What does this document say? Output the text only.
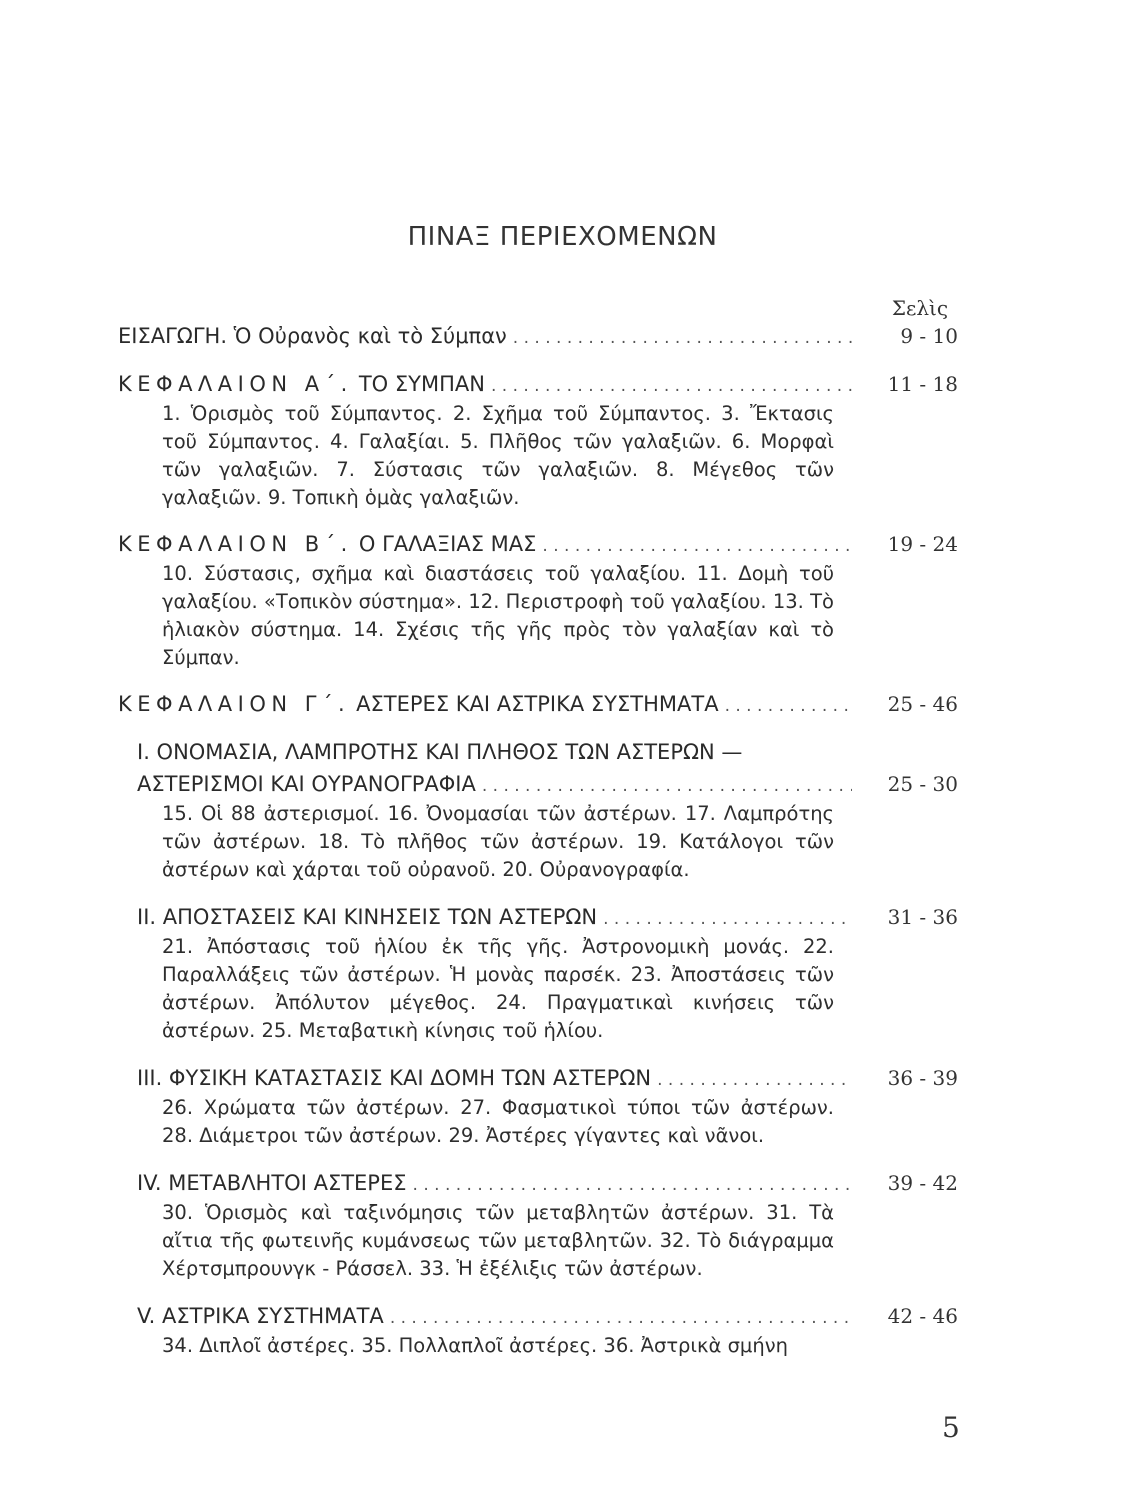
ΠΙΝΑΞ ΠΕΡΙΕΧΟΜΕΝΩΝ
Σελὶς
ΕΙΣΑΓΩΓΗ. Ὁ Οὐρανὸς καὶ τὸ Σύμπαν . . .	9 - 10
ΚΕΦΑΛΑΙΟΝ Α΄. ΤΟ ΣΥΜΠΑΝ . . .	11 - 18
1. Ὁρισμὸς τοῦ Σύμπαντος. 2. Σχῆμα τοῦ Σύμπαντος. 3. Ἔκτασις τοῦ Σύμπαντος. 4. Γαλαξίαι. 5. Πλῆθος τῶν γαλαξιῶν. 6. Μορφαὶ τῶν γαλαξιῶν. 7. Σύστασις τῶν γαλαξιῶν. 8. Μέγεθος τῶν γαλαξιῶν. 9. Τοπικὴ ὁμὰς γαλαξιῶν.
ΚΕΦΑΛΑΙΟΝ Β΄. Ο ΓΑΛΑΞΙΑΣ ΜΑΣ . . .	19 - 24
10. Σύστασις, σχῆμα καὶ διαστάσεις τοῦ γαλαξίου. 11. Δομὴ τοῦ γαλαξίου. «Τοπικὸν σύστημα». 12. Περιστροφὴ τοῦ γαλαξίου. 13. Τὸ ἡλιακὸν σύστημα. 14. Σχέσις τῆς γῆς πρὸς τὸν γαλαξίαν καὶ τὸ Σύμπαν.
ΚΕΦΑΛΑΙΟΝ Γ΄. ΑΣΤΕΡΕΣ ΚΑΙ ΑΣΤΡΙΚΑ ΣΥΣΤΗΜΑΤΑ . . .	25 - 46
Ι. ΟΝΟΜΑΣΙΑ, ΛΑΜΠΡΟΤΗΣ ΚΑΙ ΠΛΗΘΟΣ ΤΩΝ ΑΣΤΕΡΩΝ —
ΑΣΤΕΡΙΣΜΟΙ ΚΑΙ ΟΥΡΑΝΟΓΡΑΦΙΑ . . .	25 - 30
15. Οἱ 88 ἀστερισμοί. 16. Ὀνομασίαι τῶν ἀστέρων. 17. Λαμπρότης τῶν ἀστέρων. 18. Τὸ πλῆθος τῶν ἀστέρων. 19. Κατάλογοι τῶν ἀστέρων καὶ χάρται τοῦ οὐρανοῦ. 20. Οὐρανογραφία.
ΙΙ. ΑΠΟΣΤΑΣΕΙΣ ΚΑΙ ΚΙΝΗΣΕΙΣ ΤΩΝ ΑΣΤΕΡΩΝ . . .	31 - 36
21. Ἀπόστασις τοῦ ἡλίου ἐκ τῆς γῆς. Ἀστρονομικὴ μονάς. 22. Παραλλάξεις τῶν ἀστέρων. Ἡ μονὰς παρσέκ. 23. Ἀποστάσεις τῶν ἀστέρων. Ἀπόλυτον μέγεθος. 24. Πραγματικαὶ κινήσεις τῶν ἀστέρων. 25. Μεταβατικὴ κίνησις τοῦ ἡλίου.
ΙΙΙ. ΦΥΣΙΚΗ ΚΑΤΑΣΤΑΣΙΣ ΚΑΙ ΔΟΜΗ ΤΩΝ ΑΣΤΕΡΩΝ . . .	36 - 39
26. Χρώματα τῶν ἀστέρων. 27. Φασματικοὶ τύποι τῶν ἀστέρων. 28. Διάμετροι τῶν ἀστέρων. 29. Ἀστέρες γίγαντες καὶ νᾶνοι.
IV. ΜΕΤΑΒΛΗΤΟΙ ΑΣΤΕΡΕΣ . . .	39 - 42
30. Ὁρισμὸς καὶ ταξινόμησις τῶν μεταβλητῶν ἀστέρων. 31. Τὰ αἴτια τῆς φωτεινῆς κυμάνσεως τῶν μεταβλητῶν. 32. Τὸ διάγραμμα Χέρτσμπρουνγκ - Ράσσελ. 33. Ἡ ἐξέλιξις τῶν ἀστέρων.
V. ΑΣΤΡΙΚΑ ΣΥΣΤΗΜΑΤΑ . . .	42 - 46
34. Διπλοῖ ἀστέρες. 35. Πολλαπλοῖ ἀστέρες. 36. Ἀστρικὰ σμήνη
5
